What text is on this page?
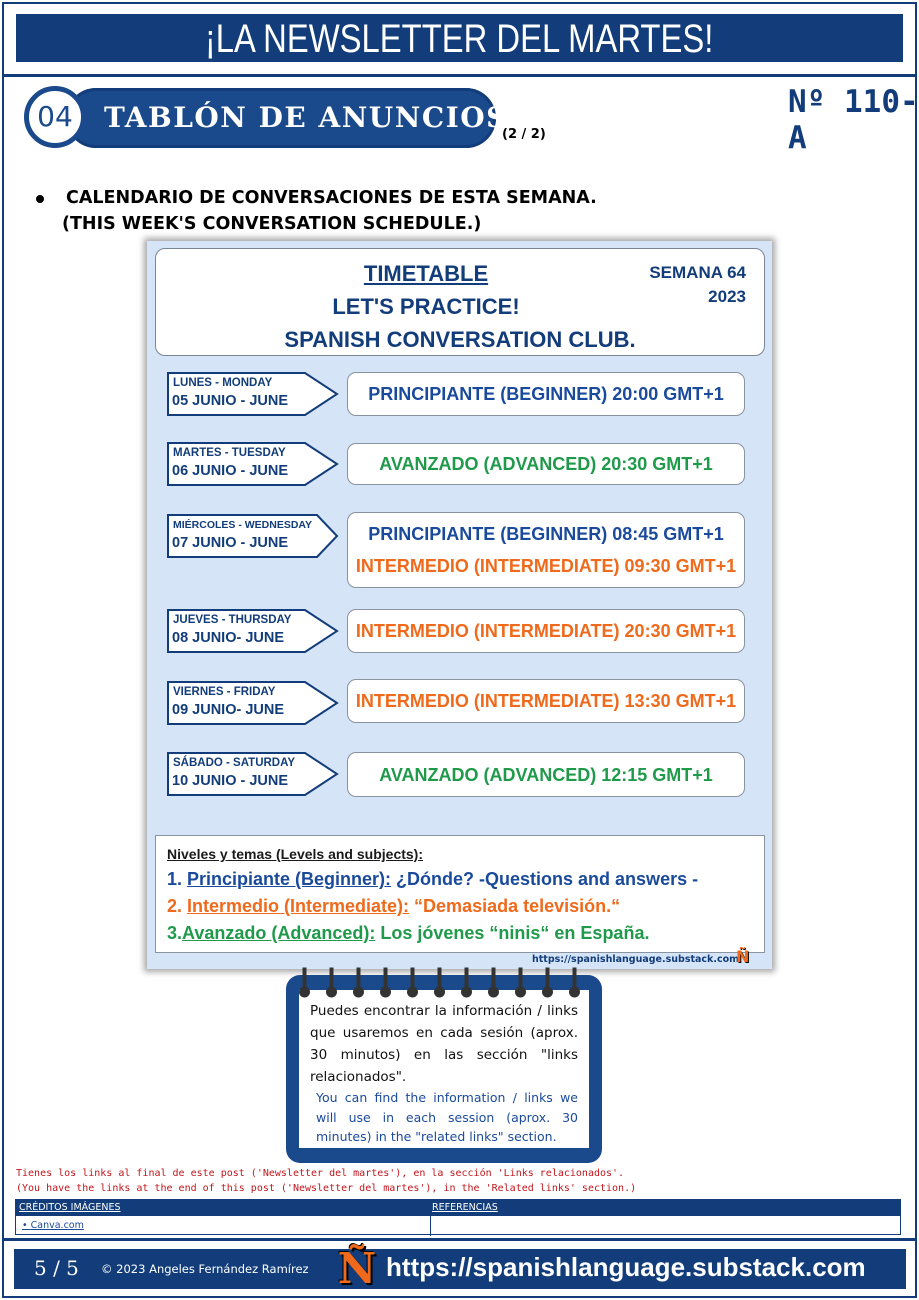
¡LA NEWSLETTER DEL MARTES!
04	TABLÓN DE ANUNCIOS
(2 / 2)
Nº 110-A
CALENDARIO DE CONVERSACIONES DE ESTA SEMANA.
(THIS WEEK'S CONVERSATION SCHEDULE.)
TIMETABLE
LET'S PRACTICE!
SPANISH CONVERSATION CLUB.
SEMANA 64
2023
LUNES - MONDAY
05 JUNIO - JUNE	PRINCIPIANTE (BEGINNER) 20:00 GMT+1
MARTES - TUESDAY
06 JUNIO - JUNE	AVANZADO (ADVANCED) 20:30 GMT+1
MIÉRCOLES - WEDNESDAY
07 JUNIO - JUNE	PRINCIPIANTE (BEGINNER) 08:45 GMT+1
INTERMEDIO (INTERMEDIATE) 09:30 GMT+1
JUEVES - THURSDAY
08 JUNIO- JUNE	INTERMEDIO (INTERMEDIATE) 20:30 GMT+1
VIERNES - FRIDAY
09 JUNIO- JUNE	INTERMEDIO (INTERMEDIATE) 13:30 GMT+1
SÁBADO - SATURDAY
10 JUNIO - JUNE	AVANZADO (ADVANCED) 12:15 GMT+1
Niveles y temas (Levels and subjects):
1. Principiante (Beginner): ¿Dónde? -Questions and answers -
2. Intermedio (Intermediate): “Demasiada televisión.“
3.Avanzado (Advanced): Los jóvenes “ninis“ en España.
https://spanishlanguage.substack.com
Ñ
Puedes encontrar la información / links que usaremos en cada sesión (aprox. 30 minutos) en las sección "links relacionados".
You can find the information / links we will use in each session (aprox. 30 minutes) in the "related links" section.
Tienes los links al final de este post ('Newsletter del martes'), en la sección 'Links relacionados'.
(You have the links at the end of this post ('Newsletter del martes'), in the 'Related links' section.)
CRÉDITOS IMÁGENES	REFERENCIAS
• Canva.com
5 / 5 © 2023 Angeles Fernández Ramírez Ñ https://spanishlanguage.substack.com
